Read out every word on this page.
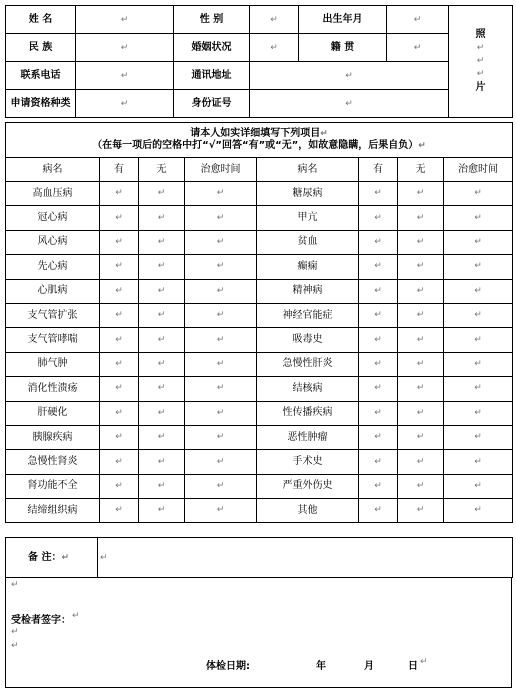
姓 名	↵	性 别	↵	出生年月	↵	照
↵
↵
↵
片

民 族	↵	婚姻状况	↵	籍 贯	↵	
联系电话	↵	通讯地址	↵			
申请资格种类	↵	身份证号	↵			
请本人如实详细填写下列项目↵
（在每一项后的空格中打“√”回答“有”或“无”，如故意隐瞒，后果自负）↵							
病名	有	无	治愈时间	病名	有	无	治愈时间
高血压病	↵	↵	↵	糖尿病	↵	↵	↵
冠心病	↵	↵	↵	甲亢	↵	↵	↵
风心病	↵	↵	↵	贫血	↵	↵	↵
先心病	↵	↵	↵	癫痫	↵	↵	↵
心肌病	↵	↵	↵	精神病	↵	↵	↵
支气管扩张	↵	↵	↵	神经官能症	↵	↵	↵
支气管哮喘	↵	↵	↵	吸毒史	↵	↵	↵
肺气肿	↵	↵	↵	急慢性肝炎	↵	↵	↵
消化性溃疡	↵	↵	↵	结核病	↵	↵	↵
肝硬化	↵	↵	↵	性传播疾病	↵	↵	↵
胰腺疾病	↵	↵	↵	恶性肿瘤	↵	↵	↵
急慢性肾炎	↵	↵	↵	手术史	↵	↵	↵
肾功能不全	↵	↵	↵	严重外伤史	↵	↵	↵
结缔组织病	↵	↵	↵	其他	↵	↵	↵
备 注：↵	↵
↵
受检者签字： ↵
↵
↵
体检日期:	年	月	日 ↵
